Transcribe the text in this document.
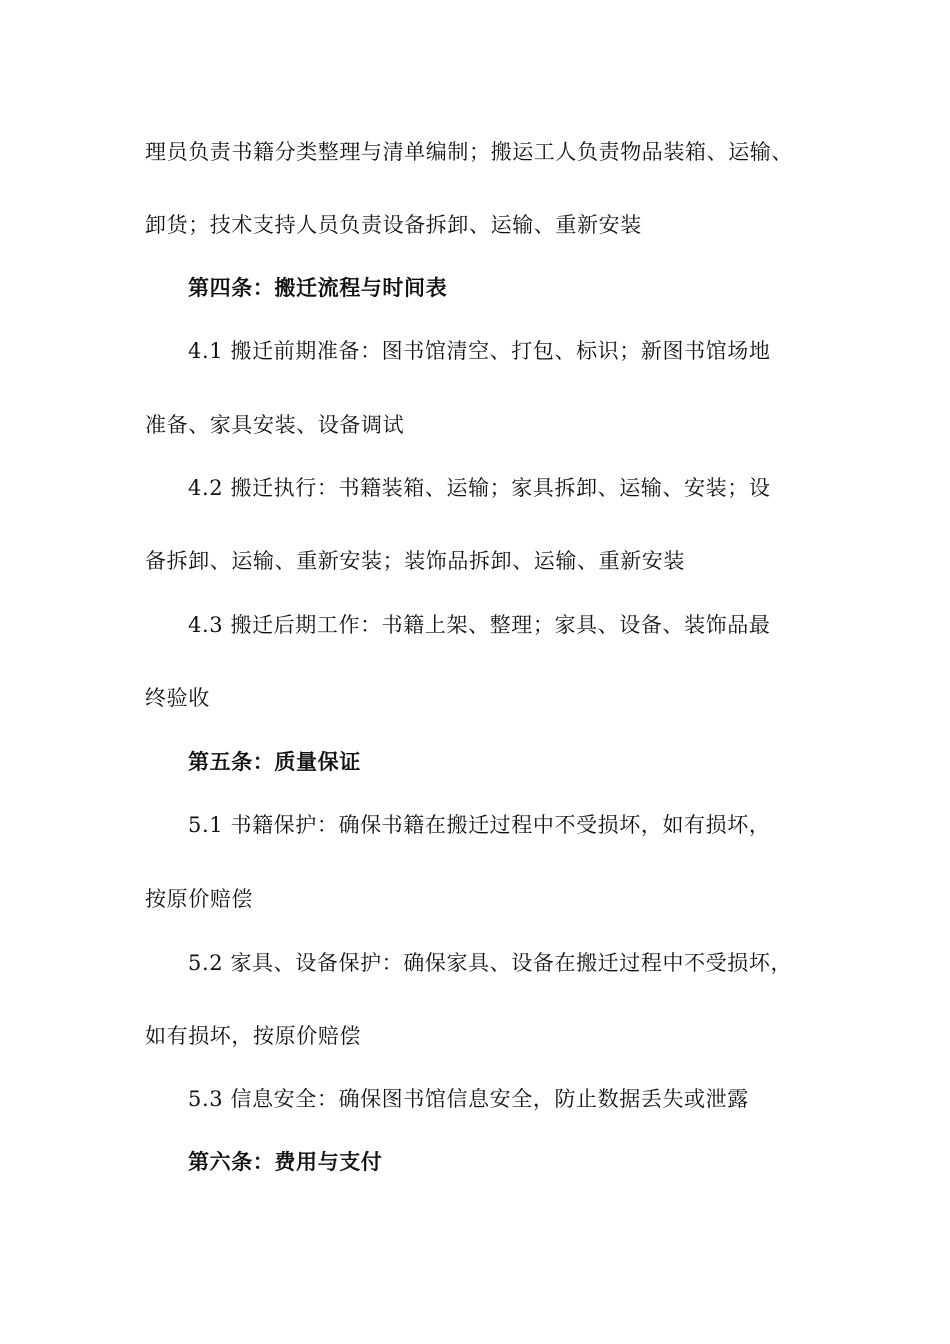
理员负责书籍分类整理与清单编制；搬运工人负责物品装箱、运输、
卸货；技术支持人员负责设备拆卸、运输、重新安装
第四条：搬迁流程与时间表
4.1 搬迁前期准备：图书馆清空、打包、标识；新图书馆场地
准备、家具安装、设备调试
4.2 搬迁执行：书籍装箱、运输；家具拆卸、运输、安装；设
备拆卸、运输、重新安装；装饰品拆卸、运输、重新安装
4.3 搬迁后期工作：书籍上架、整理；家具、设备、装饰品最
终验收
第五条：质量保证
5.1 书籍保护：确保书籍在搬迁过程中不受损坏，如有损坏，
按原价赔偿
5.2 家具、设备保护：确保家具、设备在搬迁过程中不受损坏，
如有损坏，按原价赔偿
5.3 信息安全：确保图书馆信息安全，防止数据丢失或泄露
第六条：费用与支付
